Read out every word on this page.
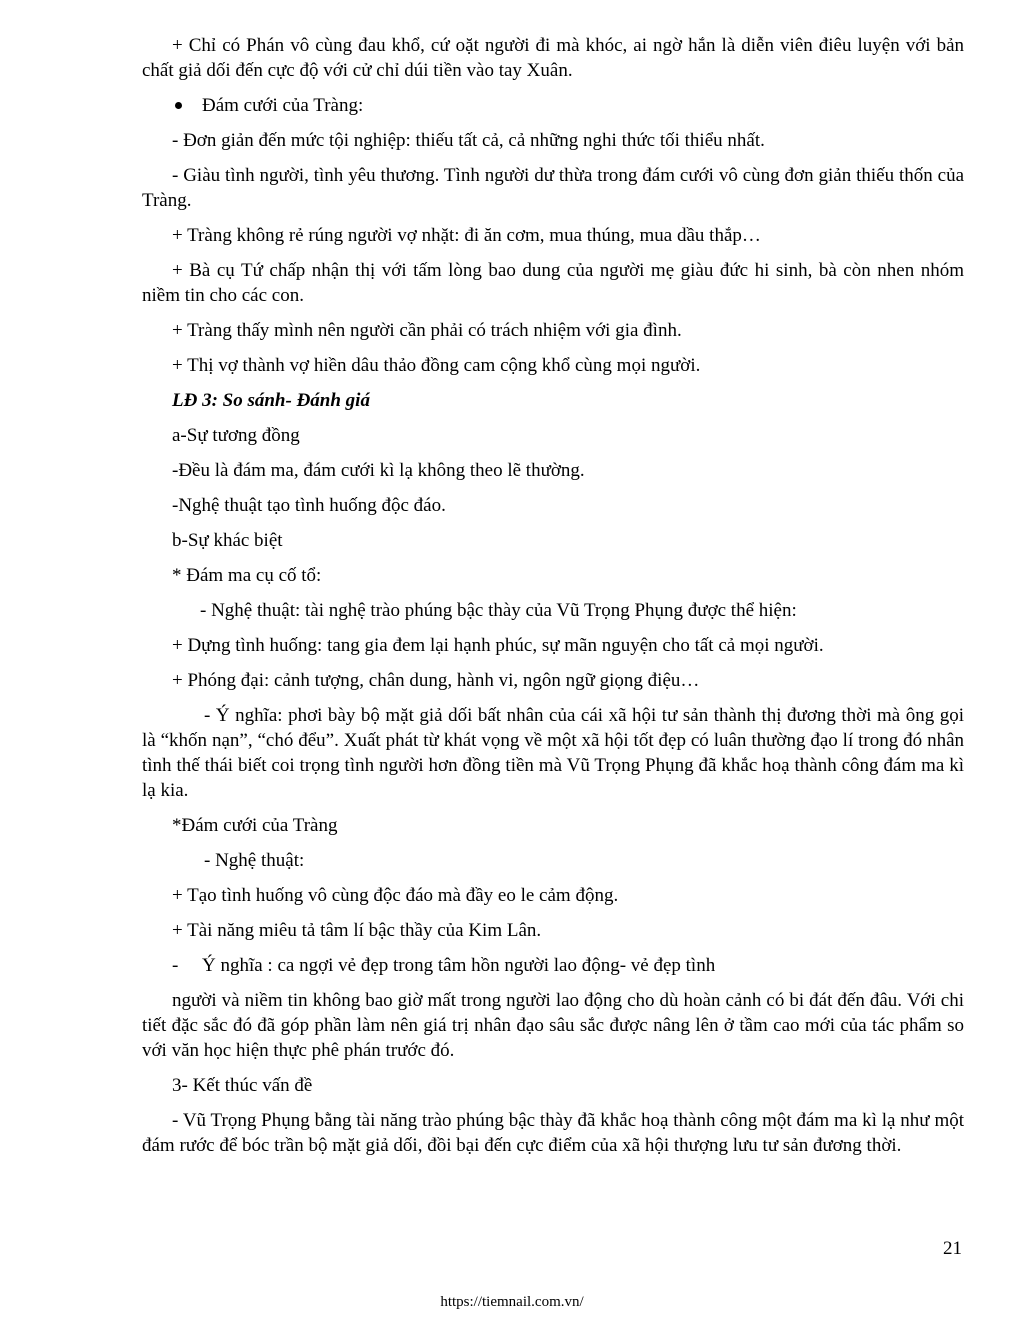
+ Chỉ có Phán vô cùng đau khổ, cứ oặt người đi mà khóc, ai ngờ hắn là diễn viên điêu luyện với bản chất giả dối đến cực độ với cử chỉ dúi tiền vào tay Xuân.

Đám cưới của Tràng:

- Đơn giản đến mức tội nghiệp: thiếu tất cả, cả những nghi thức tối thiểu nhất.

- Giàu tình người, tình yêu thương. Tình người dư thừa trong đám cưới vô cùng đơn giản thiếu thốn của Tràng.

+ Tràng không rẻ rúng người vợ nhặt: đi ăn cơm, mua thúng, mua dầu thắp…

+ Bà cụ Tứ chấp nhận thị với tấm lòng bao dung của người mẹ giàu đức hi sinh, bà còn nhen nhóm niềm tin cho các con.

+ Tràng thấy mình nên người cần phải có trách nhiệm với gia đình.

+ Thị vợ thành vợ hiền dâu thảo đồng cam cộng khổ cùng mọi người.

LĐ 3: So sánh- Đánh giá

a-Sự tương đồng

-Đều là đám ma, đám cưới kì lạ không theo lẽ thường.

-Nghệ thuật tạo tình huống độc đáo.

b-Sự khác biệt

* Đám ma cụ cố tổ:

- Nghệ thuật: tài nghệ trào phúng bậc thày của Vũ Trọng Phụng được thể hiện:

+ Dựng tình huống: tang gia đem lại hạnh phúc, sự mãn nguyện cho tất cả mọi người.

+ Phóng đại: cảnh tượng, chân dung, hành vi, ngôn ngữ giọng điệu…

- Ý nghĩa: phơi bày bộ mặt giả dối bất nhân của cái xã hội tư sản thành thị đương thời mà ông gọi là “khốn nạn”, “chó đểu”. Xuất phát từ khát vọng về một xã hội tốt đẹp có luân thường đạo lí trong đó nhân tình thế thái biết coi trọng tình người hơn đồng tiền mà Vũ Trọng Phụng đã khắc hoạ thành công đám ma kì lạ kia.

*Đám cưới của Tràng

- Nghệ thuật:

+ Tạo tình huống vô cùng độc đáo mà đầy eo le cảm động.

+ Tài năng miêu tả tâm lí bậc thầy của Kim Lân.

- Ý nghĩa : ca ngợi vẻ đẹp trong tâm hồn người lao động- vẻ đẹp tình

người và niềm tin không bao giờ mất trong người lao động cho dù hoàn cảnh có bi đát đến đâu. Với chi tiết đặc sắc đó đã góp phần làm nên giá trị nhân đạo sâu sắc được nâng lên ở tầm cao mới của tác phẩm so với văn học hiện thực phê phán trước đó.

3- Kết thúc vấn đề

- Vũ Trọng Phụng bằng tài năng trào phúng bậc thày đã khắc hoạ thành công một đám ma kì lạ như một đám rước để bóc trần bộ mặt giả dối, đồi bại đến cực điểm của xã hội thượng lưu tư sản đương thời.

21
https://tiemnail.com.vn/
